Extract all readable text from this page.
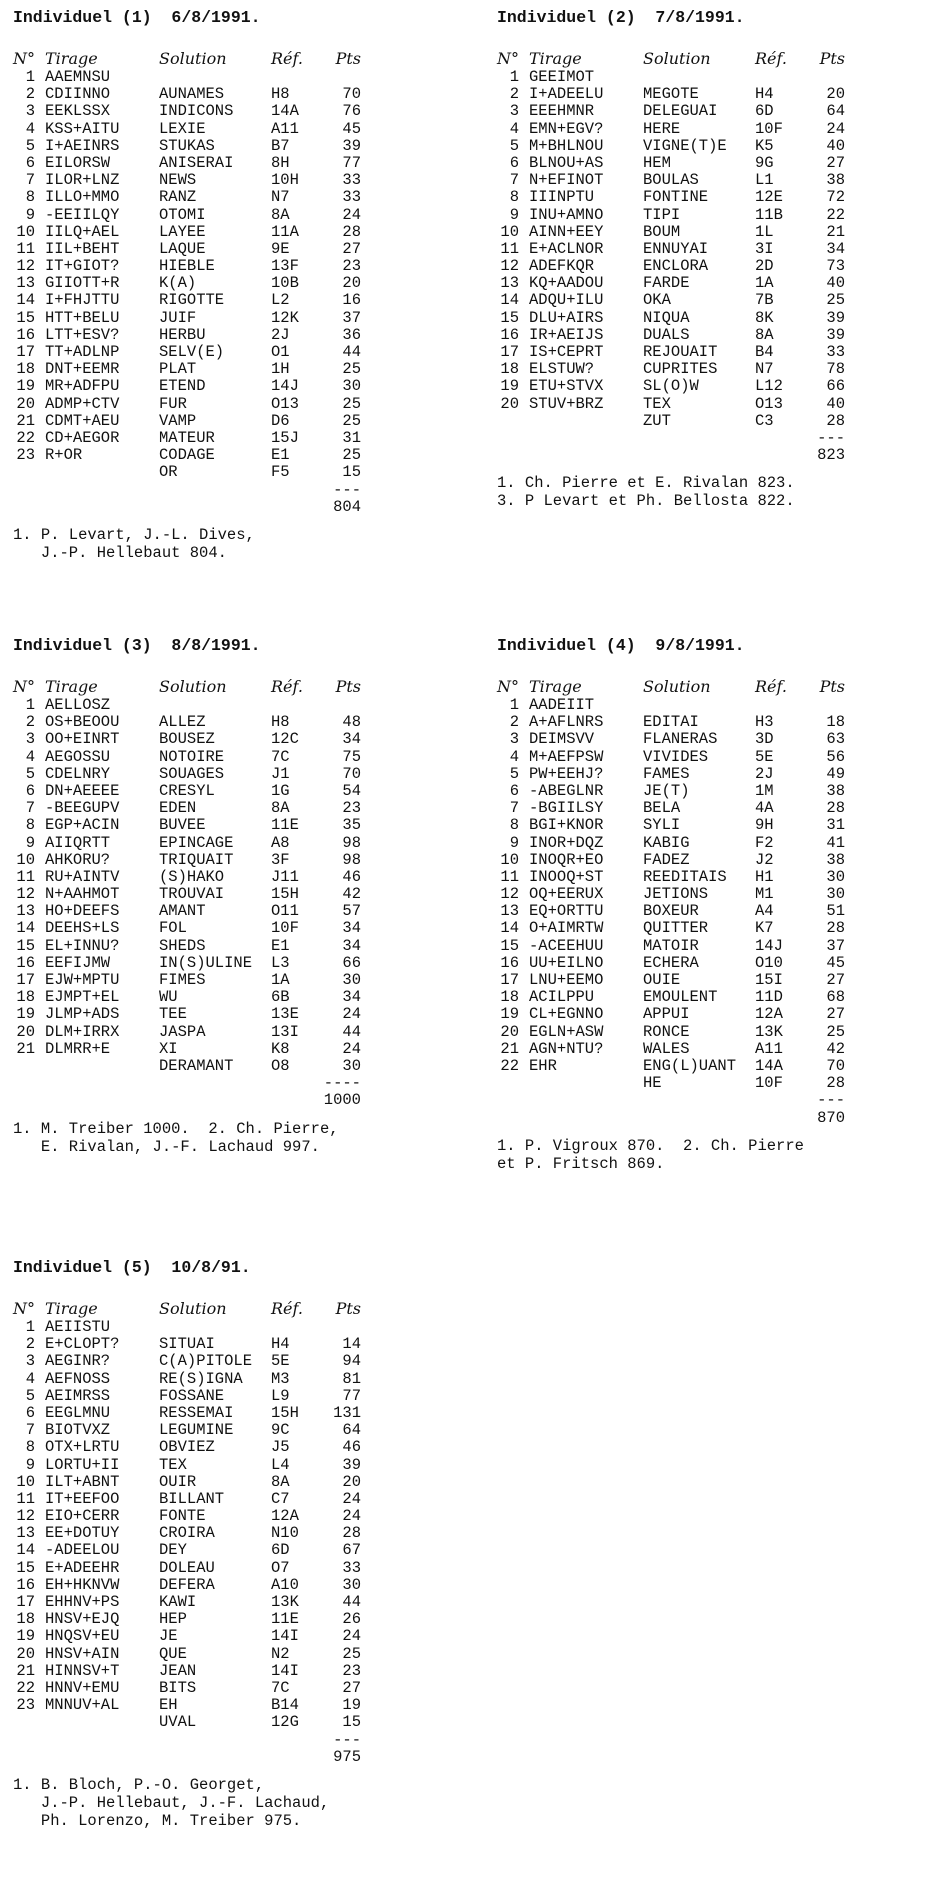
Individuel (1)  6/8/1991.
N° Tirage	Solution	Réf.	Pts
1 AAEMNSU
2 CDIINNO	AUNAMES	H8	70
3 EEKLSSX	INDICONS 14A	76
4 KSS+AITU	LEXIE	A11	45
5 I+AEINRS	STUKAS	B7	39
6 EILORSW	ANISERAI 8H	77
7 ILOR+LNZ	NEWS	10H	33
8 ILLO+MMO	RANZ	N7	33
9 -EEIILQY	OTOMI	8A	24
10 IILQ+AEL	LAYEE	11A	28
11 IIL+BEHT	LAQUE	9E	27
12 IT+GIOT?	HIEBLE	13F	23
13 GIIOTT+R	K(A)	10B	20
14 I+FHJTTU	RIGOTTE	L2	16
15 HTT+BELU	JUIF	12K	37
16 LTT+ESV?	HERBU	2J	36
17 TT+ADLNP	SELV(E)	O1	44
18 DNT+EEMR	PLAT	1H	25
19 MR+ADFPU	ETEND	14J	30
20 ADMP+CTV	FUR	O13	25
21 CDMT+AEU	VAMP	D6	25
22 CD+AEGOR	MATEUR	15J	31
23 R+OR	CODAGE	E1	25
OR	F5	15
---
804
1. P. Levart, J.-L. Dives,
J.-P. Hellebaut 804.
Individuel (2)  7/8/1991.
N° Tirage	Solution	Réf.	Pts
1 GEEIMOT
2 I+ADEELU	MEGOTE	H4	20
3 EEEHMNR	DELEGUAI 6D	64
4 EMN+EGV?	HERE	10F	24
5 M+BHLNOU	VIGNE(T)E K5	40
6 BLNOU+AS	HEM	9G	27
7 N+EFINOT	BOULAS	L1	38
8 IIINPTU	FONTINE	12E	72
9 INU+AMNO	TIPI	11B	22
10 AINN+EEY	BOUM	1L	21
11 E+ACLNOR	ENNUYAI	3I	34
12 ADEFKQR	ENCLORA	2D	73
13 KQ+AADOU	FARDE	1A	40
14 ADQU+ILU	OKA	7B	25
15 DLU+AIRS	NIQUA	8K	39
16 IR+AEIJS	DUALS	8A	39
17 IS+CEPRT	REJOUAIT B4	33
18 ELSTUW?	CUPRITES N7	78
19 ETU+STVX	SL(O)W	L12	66
20 STUV+BRZ	TEX	O13	40
ZUT	C3	28
---
823
1. Ch. Pierre et E. Rivalan 823.
3. P Levart et Ph. Bellosta 822.
Individuel (3)  8/8/1991.
N° Tirage	Solution	Réf.	Pts
1 AELLOSZ
2 OS+BEOOU	ALLEZ	H8	48
3 OO+EINRT	BOUSEZ	12C	34
4 AEGOSSU	NOTOIRE	7C	75
5 CDELNRY	SOUAGES	J1	70
6 DN+AEEEE	CRESYL	1G	54
7 -BEEGUPV	EDEN	8A	23
8 EGP+ACIN	BUVEE	11E	35
9 AIIQRTT	EPINCAGE A8	98
10 AHKORU?	TRIQUAIT 3F	98
11 RU+AINTV	(S)HAKO	J11	46
12 N+AAHMOT	TROUVAI	15H	42
13 HO+DEEFS	AMANT	O11	57
14 DEEHS+LS	FOL	10F	34
15 EL+INNU?	SHEDS	E1	34
16 EEFIJMW	IN(S)ULINE L3	66
17 EJW+MPTU	FIMES	1A	30
18 EJMPT+EL	WU	6B	34
19 JLMP+ADS	TEE	13E	24
20 DLM+IRRX	JASPA	13I	44
21 DLMRR+E	XI	K8	24
DERAMANT O8	30
----
1000
1. M. Treiber 1000.  2. Ch. Pierre,
E. Rivalan, J.-F. Lachaud 997.
Individuel (4)  9/8/1991.
N° Tirage	Solution	Réf.	Pts
1 AADEIIT
2 A+AFLNRS	EDITAI	H3	18
3 DEIMSVV	FLANERAS 3D	63
4 M+AEFPSW	VIVIDES	5E	56
5 PW+EEHJ?	FAMES	2J	49
6 -ABEGLNR	JE(T)	1M	38
7 -BGIILSY	BELA	4A	28
8 BGI+KNOR	SYLI	9H	31
9 INOR+DQZ	KABIG	F2	41
10 INOQR+EO	FADEZ	J2	38
11 INOOQ+ST	REEDITAIS H1	30
12 OQ+EERUX	JETIONS	M1	30
13 EQ+ORTTU	BOXEUR	A4	51
14 O+AIMRTW	QUITTER	K7	28
15 -ACEEHUU	MATOIR	14J	37
16 UU+EILNO	ECHERA	O10	45
17 LNU+EEMO	OUIE	15I	27
18 ACILPPU	EMOULENT 11D	68
19 CL+EGNNO	APPUI	12A	27
20 EGLN+ASW	RONCE	13K	25
21 AGN+NTU?	WALES	A11	42
22 EHR	ENG(L)UANT 14A	70
HE	10F	28
---
870
1. P. Vigroux 870.  2. Ch. Pierre
et P. Fritsch 869.
Individuel (5)  10/8/91.
N° Tirage	Solution	Réf.	Pts
1 AEIISTU
2 E+CLOPT?	SITUAI	H4	14
3 AEGINR?	C(A)PITOLE 5E	94
4 AEFNOSS	RE(S)IGNA M3	81
5 AEIMRSS	FOSSANE	L9	77
6 EEGLMNU	RESSEMAI 15H	131
7 BIOTVXZ	LEGUMINE 9C	64
8 OTX+LRTU	OBVIEZ	J5	46
9 LORTU+II	TEX	L4	39
10 ILT+ABNT	OUIR	8A	20
11 IT+EEFOO	BILLANT	C7	24
12 EIO+CERR	FONTE	12A	24
13 EE+DOTUY	CROIRA	N10	28
14 -ADEELOU	DEY	6D	67
15 E+ADEEHR	DOLEAU	O7	33
16 EH+HKNVW	DEFERA	A10	30
17 EHHNV+PS	KAWI	13K	44
18 HNSV+EJQ	HEP	11E	26
19 HNQSV+EU	JE	14I	24
20 HNSV+AIN	QUE	N2	25
21 HINNSV+T	JEAN	14I	23
22 HNNV+EMU	BITS	7C	27
23 MNNUV+AL	EH	B14	19
UVAL	12G	15
---
975
1. B. Bloch, P.-O. Georget,
J.-P. Hellebaut, J.-F. Lachaud,
Ph. Lorenzo, M. Treiber 975.
